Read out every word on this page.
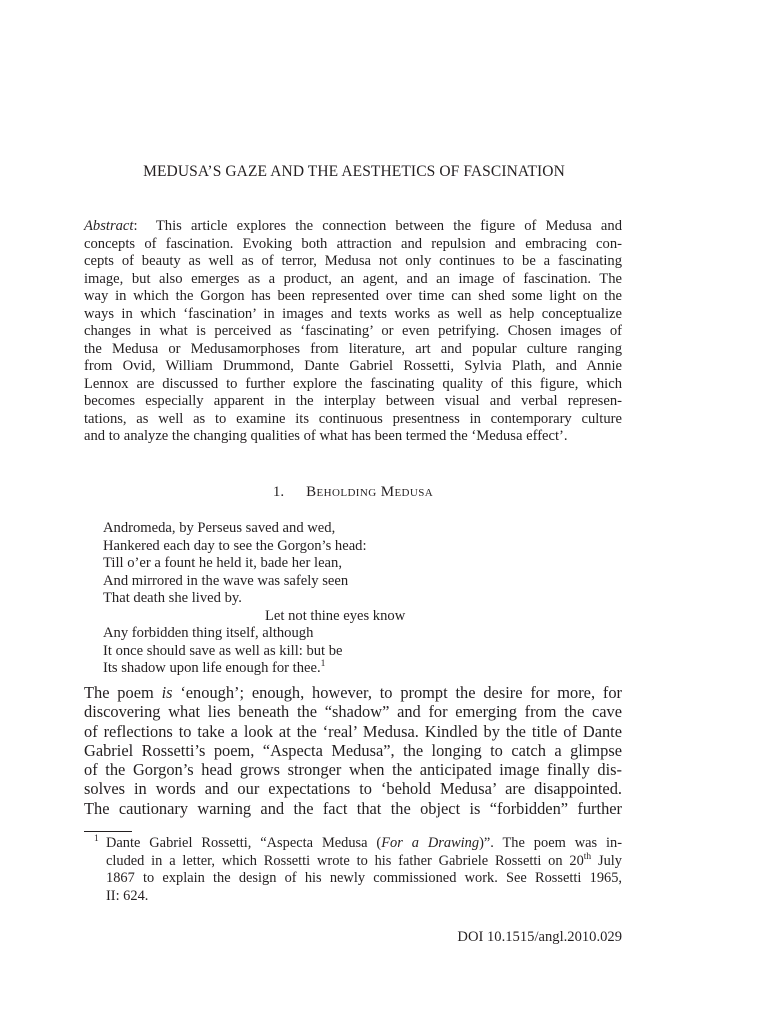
MEDUSA’S GAZE AND THE AESTHETICS OF FASCINATION
Abstract: This article explores the connection between the figure of Medusa and
concepts of fascination. Evoking both attraction and repulsion and embracing con-
cepts of beauty as well as of terror, Medusa not only continues to be a fascinating
image, but also emerges as a product, an agent, and an image of fascination. The
way in which the Gorgon has been represented over time can shed some light on the
ways in which ‘fascination’ in images and texts works as well as help conceptualize
changes in what is perceived as ‘fascinating’ or even petrifying. Chosen images of
the Medusa or Medusamorphoses from literature, art and popular culture ranging
from Ovid, William Drummond, Dante Gabriel Rossetti, Sylvia Plath, and Annie
Lennox are discussed to further explore the fascinating quality of this figure, which
becomes especially apparent in the interplay between visual and verbal represen-
tations, as well as to examine its continuous presentness in contemporary culture
and to analyze the changing qualities of what has been termed the ‘Medusa effect’.
1. Beholding Medusa
Andromeda, by Perseus saved and wed,
Hankered each day to see the Gorgon’s head:
Till o’er a fount he held it, bade her lean,
And mirrored in the wave was safely seen
That death she lived by.
Let not thine eyes know
Any forbidden thing itself, although
It once should save as well as kill: but be
Its shadow upon life enough for thee.$^1$
The poem is ‘enough’; enough, however, to prompt the desire for more, for
discovering what lies beneath the “shadow” and for emerging from the cave
of reflections to take a look at the ‘real’ Medusa. Kindled by the title of Dante
Gabriel Rossetti’s poem, “Aspecta Medusa”, the longing to catch a glimpse
of the Gorgon’s head grows stronger when the anticipated image finally dis-
solves in words and our expectations to ‘behold Medusa’ are disappointed.
The cautionary warning and the fact that the object is “forbidden” further
1 Dante Gabriel Rossetti, “Aspecta Medusa (For a Drawing)”. The poem was in-
cluded in a letter, which Rossetti wrote to his father Gabriele Rossetti on 20th July
1867 to explain the design of his newly commissioned work. See Rossetti 1965,
II: 624.
DOI 10.1515/angl.2010.029
